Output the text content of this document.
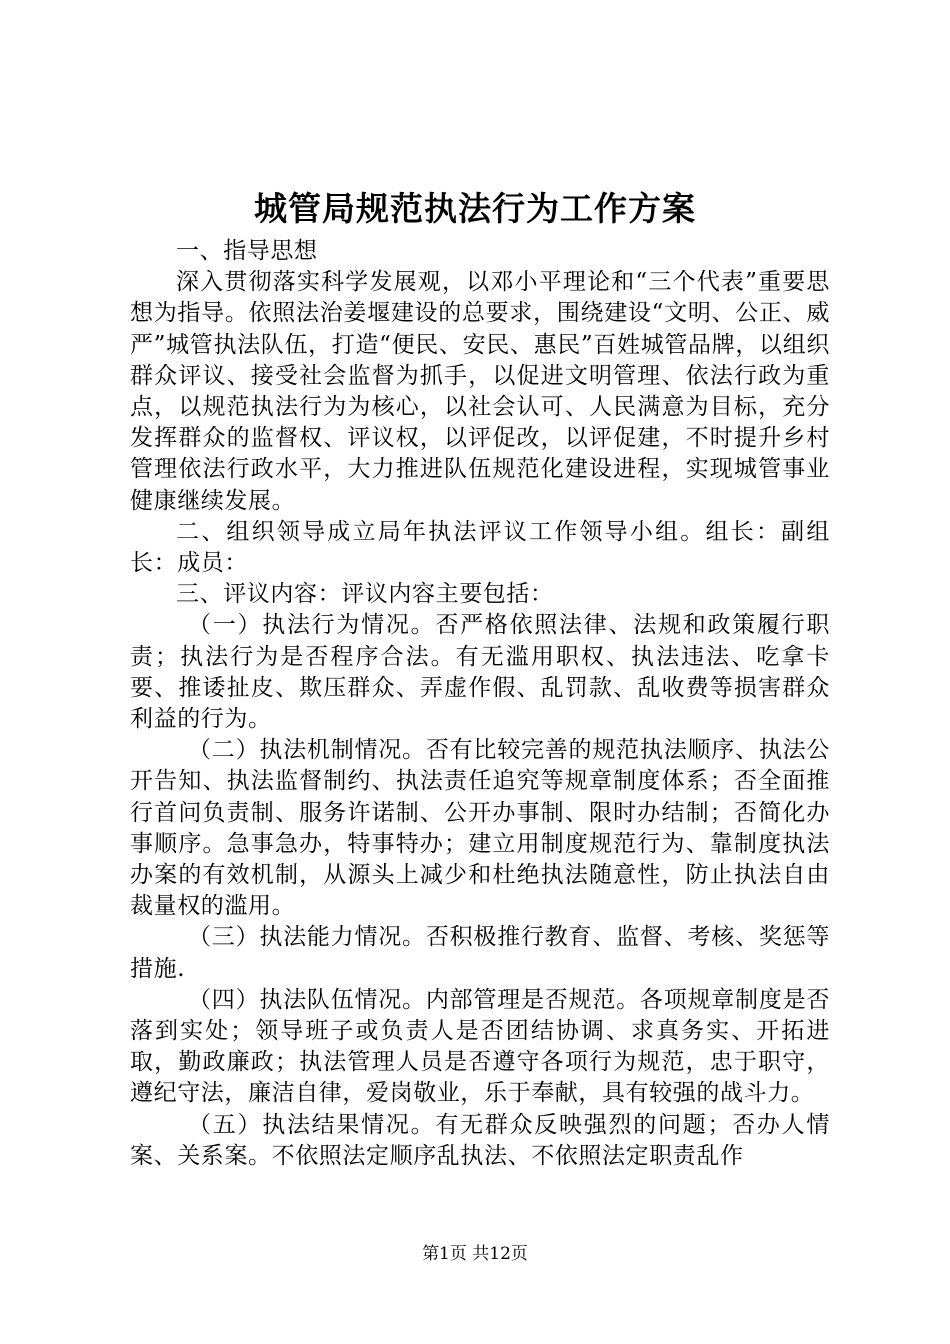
城管局规范执法行为工作方案

一、指导思想

深入贯彻落实科学发展观，以邓小平理论和“三个代表”重要思想为指导。依照法治姜堰建设的总要求，围绕建设“文明、公正、威严”城管执法队伍，打造“便民、安民、惠民”百姓城管品牌，以组织群众评议、接受社会监督为抓手，以促进文明管理、依法行政为重点，以规范执法行为为核心，以社会认可、人民满意为目标，充分发挥群众的监督权、评议权，以评促改，以评促建，不时提升乡村管理依法行政水平，大力推进队伍规范化建设进程，实现城管事业健康继续发展。

二、组织领导成立局年执法评议工作领导小组。组长：副组长：成员：

三、评议内容：评议内容主要包括：

（一）执法行为情况。否严格依照法律、法规和政策履行职责；执法行为是否程序合法。有无滥用职权、执法违法、吃拿卡要、推诿扯皮、欺压群众、弄虚作假、乱罚款、乱收费等损害群众利益的行为。

（二）执法机制情况。否有比较完善的规范执法顺序、执法公开告知、执法监督制约、执法责任追究等规章制度体系；否全面推行首问负责制、服务许诺制、公开办事制、限时办结制；否简化办事顺序。急事急办，特事特办；建立用制度规范行为、靠制度执法办案的有效机制，从源头上减少和杜绝执法随意性，防止执法自由裁量权的滥用。

（三）执法能力情况。否积极推行教育、监督、考核、奖惩等措施.

（四）执法队伍情况。内部管理是否规范。各项规章制度是否落到实处；领导班子或负责人是否团结协调、求真务实、开拓进取，勤政廉政；执法管理人员是否遵守各项行为规范，忠于职守，遵纪守法，廉洁自律，爱岗敬业，乐于奉献，具有较强的战斗力。

（五）执法结果情况。有无群众反映强烈的问题；否办人情案、关系案。不依照法定顺序乱执法、不依照法定职责乱作

第1页 共12页
